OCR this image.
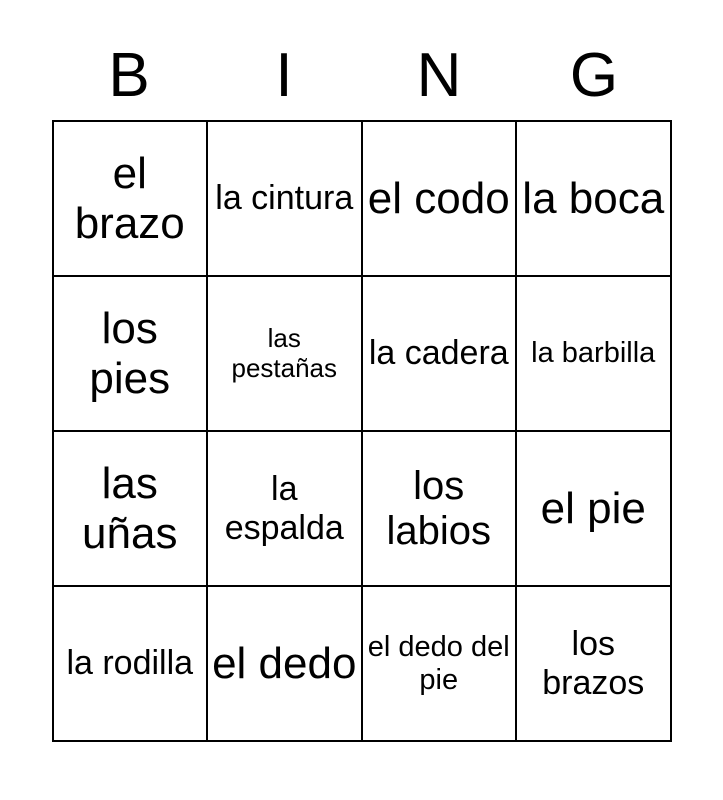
B	I	N	G
el brazo	la cintura	el codo	la boca

los pies	las pestañas	la cadera	la barbilla

las uñas	la espalda	los labios	el pie

la rodilla	el dedo	el dedo del pie	los brazos
